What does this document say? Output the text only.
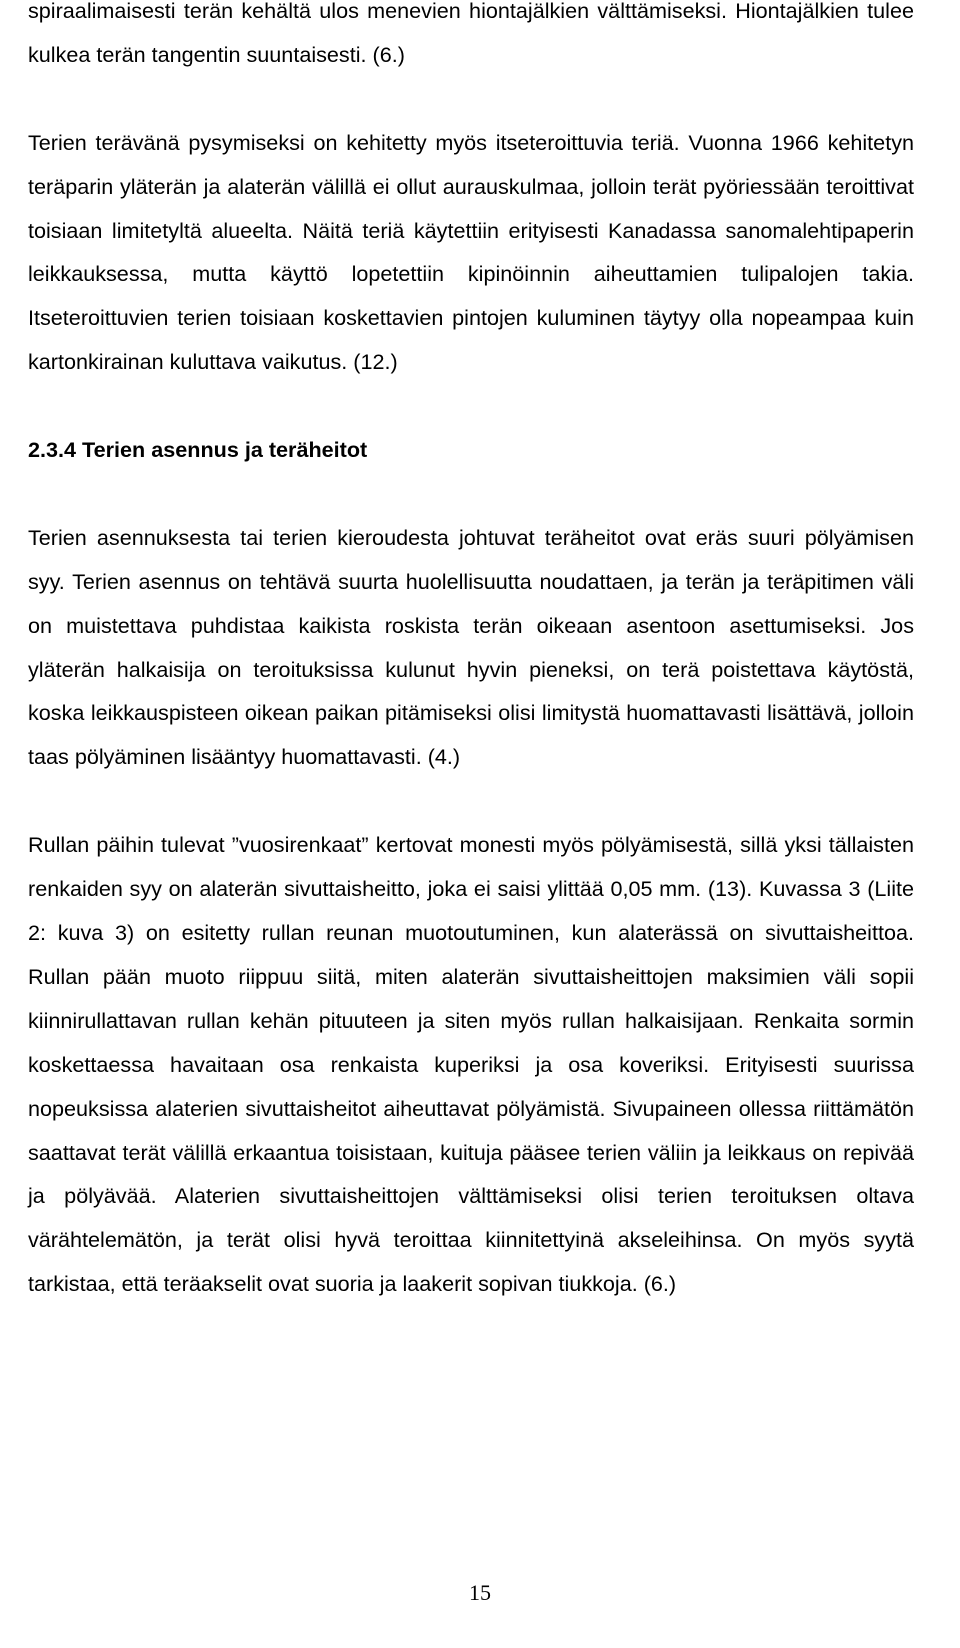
spiraalimaisesti terän kehältä ulos menevien hiontajälkien välttämiseksi. Hiontajälkien tulee kulkea terän tangentin suuntaisesti. (6.)

Terien terävänä pysymiseksi on kehitetty myös itseteroittuvia teriä. Vuonna 1966 kehitetyn teräparin yläterän ja alaterän välillä ei ollut aurauskulmaa, jolloin terät pyöriessään teroittivat toisiaan limitetyltä alueelta. Näitä teriä käytettiin erityisesti Kanadassa sanomalehtipaperin leikkauksessa, mutta käyttö lopetettiin kipinöinnin aiheuttamien tulipalojen takia. Itseteroittuvien terien toisiaan koskettavien pintojen kuluminen täytyy olla nopeampaa kuin kartonkirainan kuluttava vaikutus. (12.)

2.3.4 Terien asennus ja teräheitot

Terien asennuksesta tai terien kieroudesta johtuvat teräheitot ovat eräs suuri pölyämisen syy. Terien asennus on tehtävä suurta huolellisuutta noudattaen, ja terän ja teräpitimen väli on muistettava puhdistaa kaikista roskista terän oikeaan asentoon asettumiseksi. Jos yläterän halkaisija on teroituksissa kulunut hyvin pieneksi, on terä poistettava käytöstä, koska leikkauspisteen oikean paikan pitämiseksi olisi limitystä huomattavasti lisättävä, jolloin taas pölyäminen lisääntyy huomattavasti. (4.)

Rullan päihin tulevat ”vuosirenkaat” kertovat monesti myös pölyämisestä, sillä yksi tällaisten renkaiden syy on alaterän sivuttaisheitto, joka ei saisi ylittää 0,05 mm. (13). Kuvassa 3 (Liite 2: kuva 3) on esitetty rullan reunan muotoutuminen, kun alaterässä on sivuttaisheittoa. Rullan pään muoto riippuu siitä, miten alaterän sivuttaisheittojen maksimien väli sopii kiinnirullattavan rullan kehän pituuteen ja siten myös rullan halkaisijaan. Renkaita sormin koskettaessa havaitaan osa renkaista kuperiksi ja osa koveriksi. Erityisesti suurissa nopeuksissa alaterien sivuttaisheitot aiheuttavat pölyämistä. Sivupaineen ollessa riittämätön saattavat terät välillä erkaantua toisistaan, kuituja pääsee terien väliin ja leikkaus on repivää ja pölyävää. Alaterien sivuttaisheittojen välttämiseksi olisi terien teroituksen oltava värähtelemätön, ja terät olisi hyvä teroittaa kiinnitettyinä akseleihinsa. On myös syytä tarkistaa, että teräakselit ovat suoria ja laakerit sopivan tiukkoja. (6.)

15
